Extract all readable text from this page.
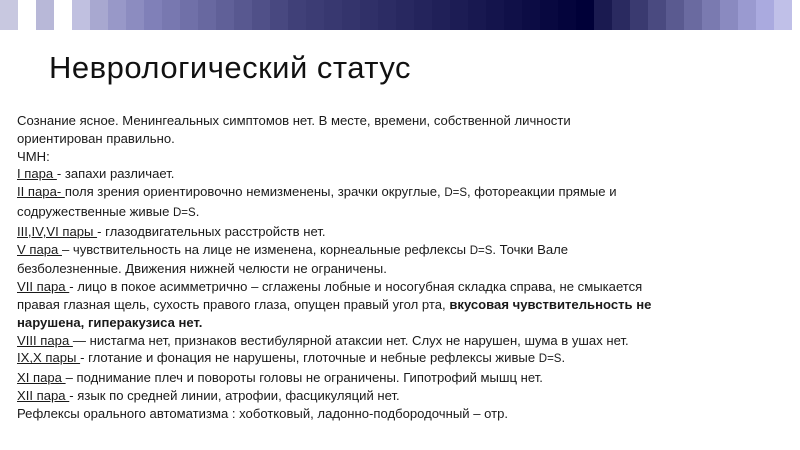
Неврологический статус

Сознание ясное. Менингеальных симптомов нет. В месте, времени, собственной личности

ориентирован правильно.

ЧМН:

I пара - запахи различает.

II пара- поля зрения ориентировочно немизменены, зрачки округлые, D=S, фотореакции прямые и

содружественные живые D=S.

III,IV,VI пары - глазодвигательных расстройств нет.

V пара – чувствительность на лице не изменена, корнеальные рефлексы D=S. Точки Вале

безболезненные. Движения нижней челюсти не ограничены.

VII пара - лицо в покое асимметрично – сглажены лобные и носогубная складка справа, не смыкается

правая глазная щель, сухость правого глаза, опущен правый угол рта, вкусовая чувствительность не

нарушена, гиперакузиса нет.

VIII пара — нистагма нет, признаков вестибулярной атаксии нет. Слух не нарушен, шума в ушах нет.

IX,X пары - глотание и фонация не нарушены, глоточные и небные рефлексы живые D=S.

XI пара – поднимание плеч и повороты головы не ограничены. Гипотрофий мышц нет.

XII пара - язык по средней линии, атрофии, фасцикуляций нет.

Рефлексы орального автоматизма : хоботковый, ладонно-подбородочный – отр.
